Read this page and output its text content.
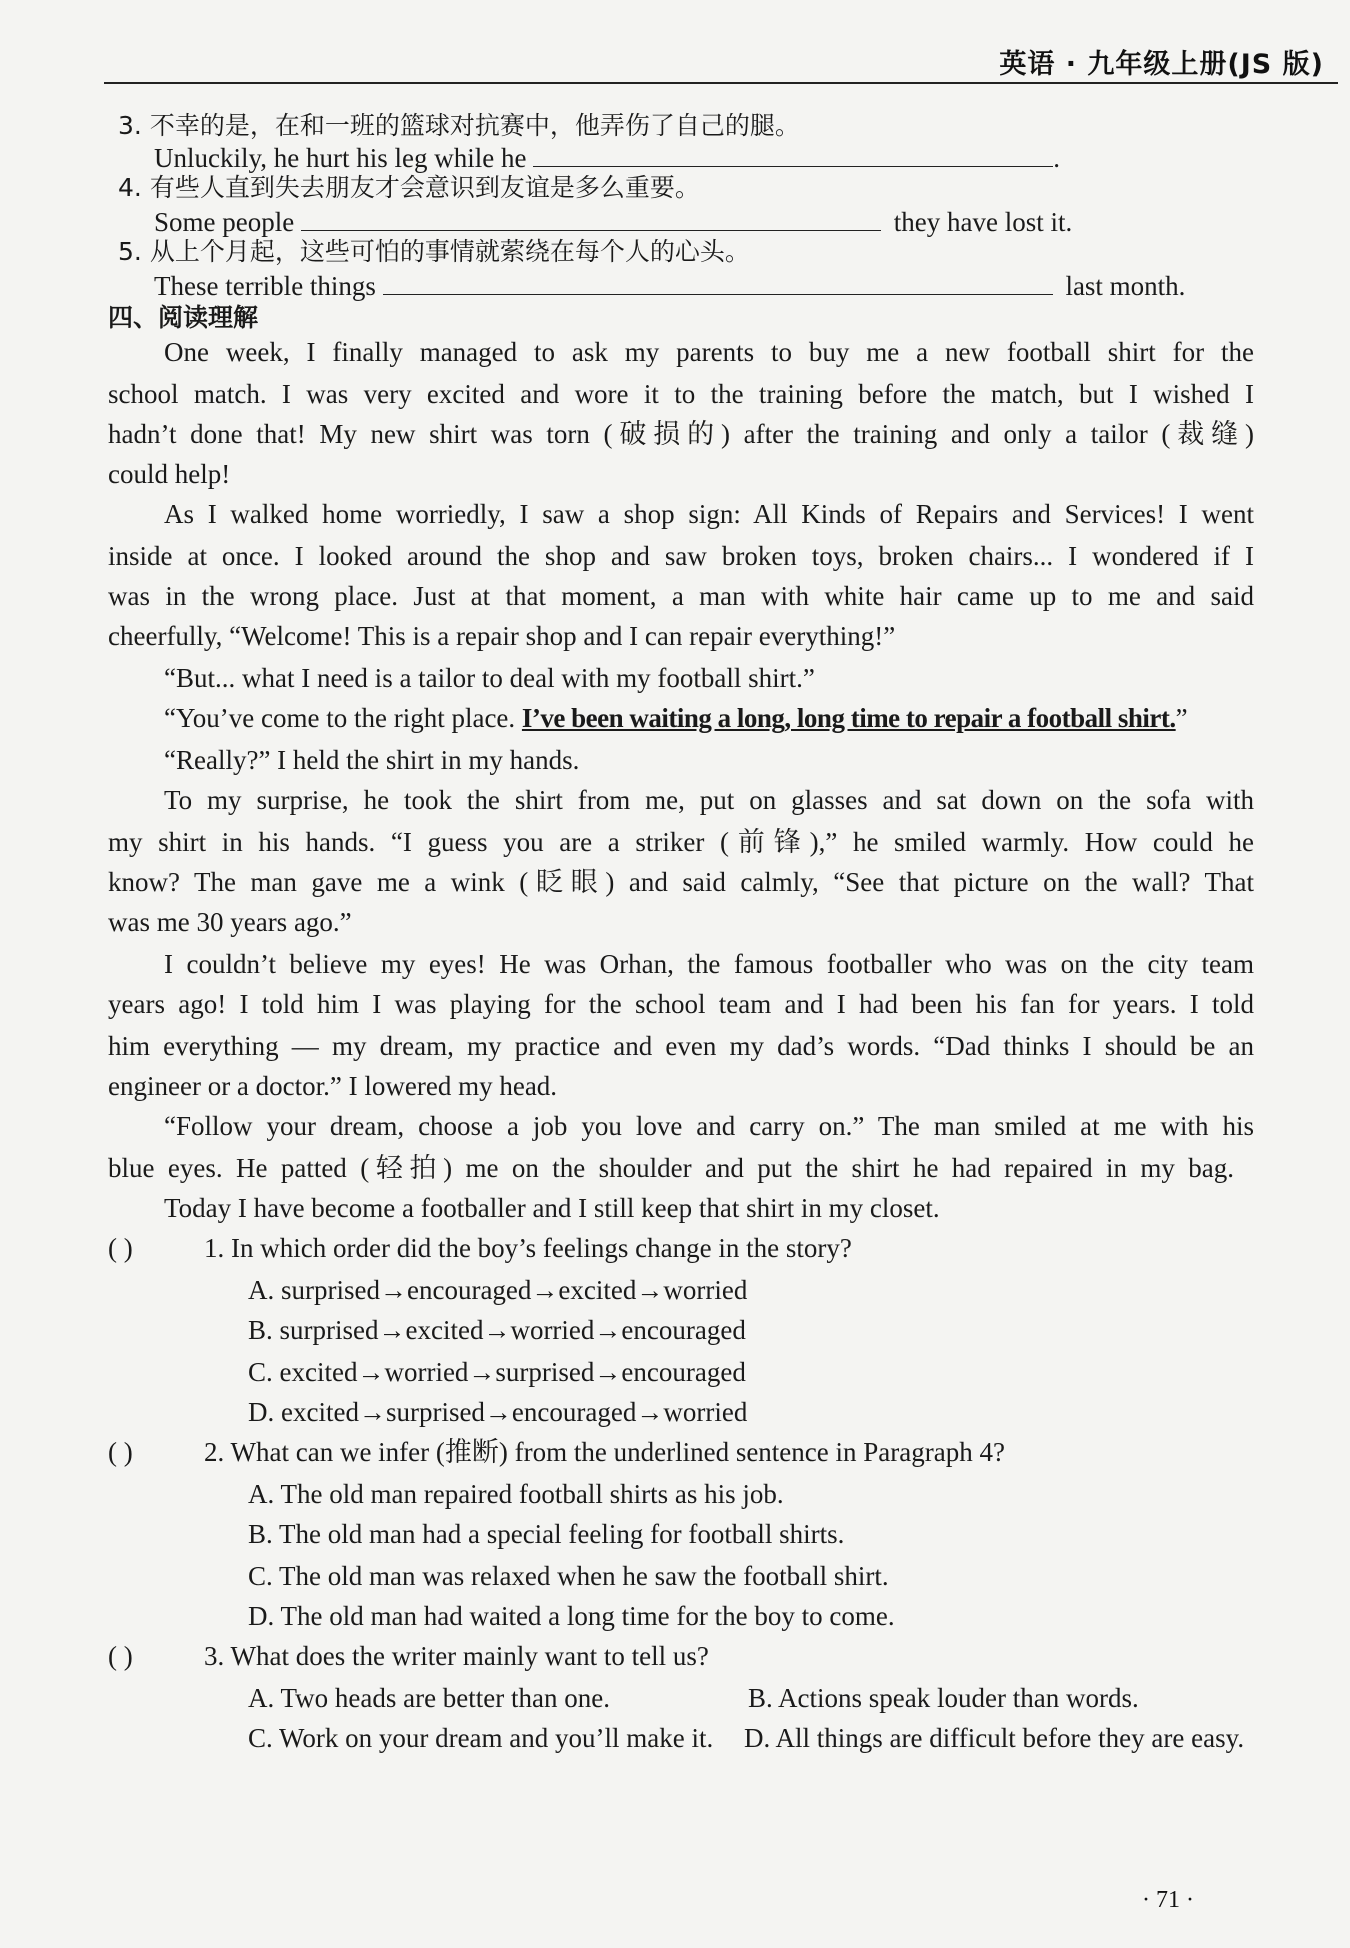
英语 · 九年级上册(JS 版)
3. 不幸的是，在和一班的篮球对抗赛中，他弄伤了自己的腿。
Unluckily, he hurt his leg while he	.
4. 有些人直到失去朋友才会意识到友谊是多么重要。
Some people	they have lost it.
5. 从上个月起，这些可怕的事情就萦绕在每个人的心头。
These terrible things	last month.
四、阅读理解
One week, I finally managed to ask my parents to buy me a new football shirt for the
school match. I was very excited and wore it to the training before the match, but I wished I
hadn’t done that! My new shirt was torn (破损的) after the training and only a tailor (裁缝)
could help!
As I walked home worriedly, I saw a shop sign: All Kinds of Repairs and Services! I went
inside at once. I looked around the shop and saw broken toys, broken chairs... I wondered if I
was in the wrong place. Just at that moment, a man with white hair came up to me and said
cheerfully, “Welcome! This is a repair shop and I can repair everything!”
“But... what I need is a tailor to deal with my football shirt.”
“You’ve come to the right place. I’ve been waiting a long, long time to repair a football shirt.”
“Really?” I held the shirt in my hands.
To my surprise, he took the shirt from me, put on glasses and sat down on the sofa with
my shirt in his hands. “I guess you are a striker (前锋),” he smiled warmly. How could he
know? The man gave me a wink (眨眼) and said calmly, “See that picture on the wall? That
was me 30 years ago.”
I couldn’t believe my eyes! He was Orhan, the famous footballer who was on the city team
years ago! I told him I was playing for the school team and I had been his fan for years. I told
him everything — my dream, my practice and even my dad’s words. “Dad thinks I should be an
engineer or a doctor.” I lowered my head.
“Follow your dream, choose a job you love and carry on.” The man smiled at me with his
blue eyes. He patted (轻拍) me on the shoulder and put the shirt he had repaired in my bag.
Today I have become a footballer and I still keep that shirt in my closet.
( )	1. In which order did the boy’s feelings change in the story?
A. surprised→encouraged→excited→worried
B. surprised→excited→worried→encouraged
C. excited→worried→surprised→encouraged
D. excited→surprised→encouraged→worried
( )	2. What can we infer (推断) from the underlined sentence in Paragraph 4?
A. The old man repaired football shirts as his job.
B. The old man had a special feeling for football shirts.
C. The old man was relaxed when he saw the football shirt.
D. The old man had waited a long time for the boy to come.
( )	3. What does the writer mainly want to tell us?
A. Two heads are better than one.	B. Actions speak louder than words.
C. Work on your dream and you’ll make it.	D. All things are difficult before they are easy.
· 71 ·
